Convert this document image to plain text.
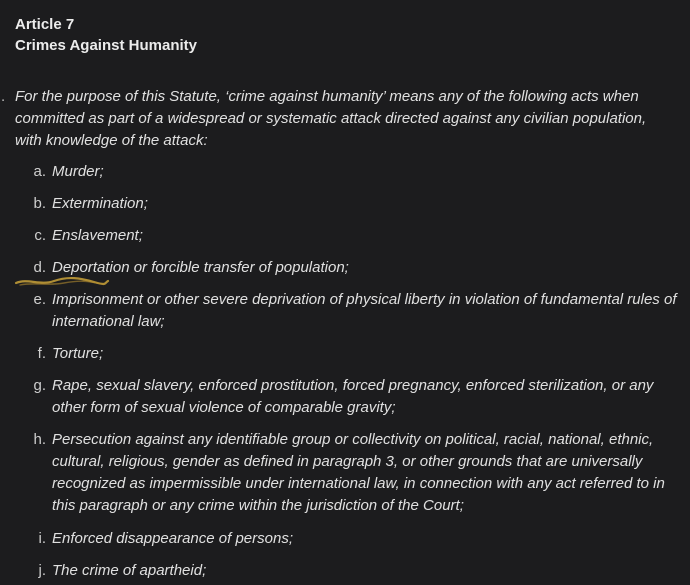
Article 7
Crimes Against Humanity
. For the purpose of this Statute, ‘crime against humanity’ means any of the following acts when committed as part of a widespread or systematic attack directed against any civilian population, with knowledge of the attack:
a. Murder;
b. Extermination;
c. Enslavement;
d. Deportation or forcible transfer of population;
e. Imprisonment or other severe deprivation of physical liberty in violation of fundamental rules of international law;
f. Torture;
g. Rape, sexual slavery, enforced prostitution, forced pregnancy, enforced sterilization, or any other form of sexual violence of comparable gravity;
h. Persecution against any identifiable group or collectivity on political, racial, national, ethnic, cultural, religious, gender as defined in paragraph 3, or other grounds that are universally recognized as impermissible under international law, in connection with any act referred to in this paragraph or any crime within the jurisdiction of the Court;
i. Enforced disappearance of persons;
j. The crime of apartheid;
